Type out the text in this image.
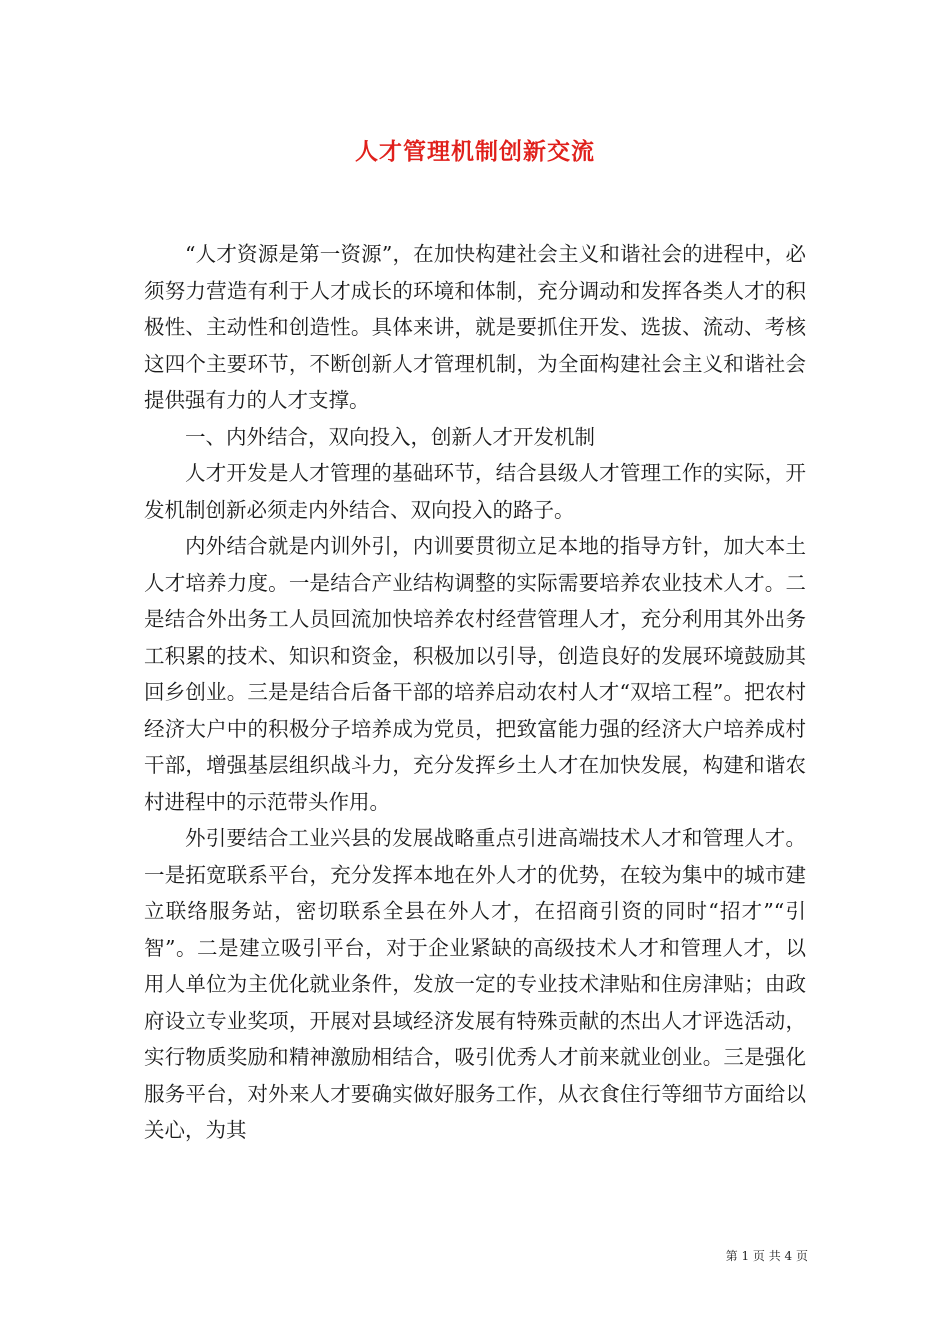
人才管理机制创新交流

“人才资源是第一资源”，在加快构建社会主义和谐社会的进程中，必须努力营造有利于人才成长的环境和体制，充分调动和发挥各类人才的积极性、主动性和创造性。具体来讲，就是要抓住开发、选拔、流动、考核这四个主要环节，不断创新人才管理机制，为全面构建社会主义和谐社会提供强有力的人才支撑。

一、内外结合，双向投入，创新人才开发机制

人才开发是人才管理的基础环节，结合县级人才管理工作的实际，开发机制创新必须走内外结合、双向投入的路子。

内外结合就是内训外引，内训要贯彻立足本地的指导方针，加大本土人才培养力度。一是结合产业结构调整的实际需要培养农业技术人才。二是结合外出务工人员回流加快培养农村经营管理人才，充分利用其外出务工积累的技术、知识和资金，积极加以引导，创造良好的发展环境鼓励其回乡创业。三是是结合后备干部的培养启动农村人才“双培工程”。把农村经济大户中的积极分子培养成为党员，把致富能力强的经济大户培养成村干部，增强基层组织战斗力，充分发挥乡土人才在加快发展，构建和谐农村进程中的示范带头作用。

外引要结合工业兴县的发展战略重点引进高端技术人才和管理人才。一是拓宽联系平台，充分发挥本地在外人才的优势，在较为集中的城市建立联络服务站，密切联系全县在外人才，在招商引资的同时“招才”“引智”。二是建立吸引平台，对于企业紧缺的高级技术人才和管理人才，以用人单位为主优化就业条件，发放一定的专业技术津贴和住房津贴；由政府设立专业奖项，开展对县域经济发展有特殊贡献的杰出人才评选活动，实行物质奖励和精神激励相结合，吸引优秀人才前来就业创业。三是强化服务平台，对外来人才要确实做好服务工作，从衣食住行等细节方面给以关心，为其

第 1 页 共 4 页
